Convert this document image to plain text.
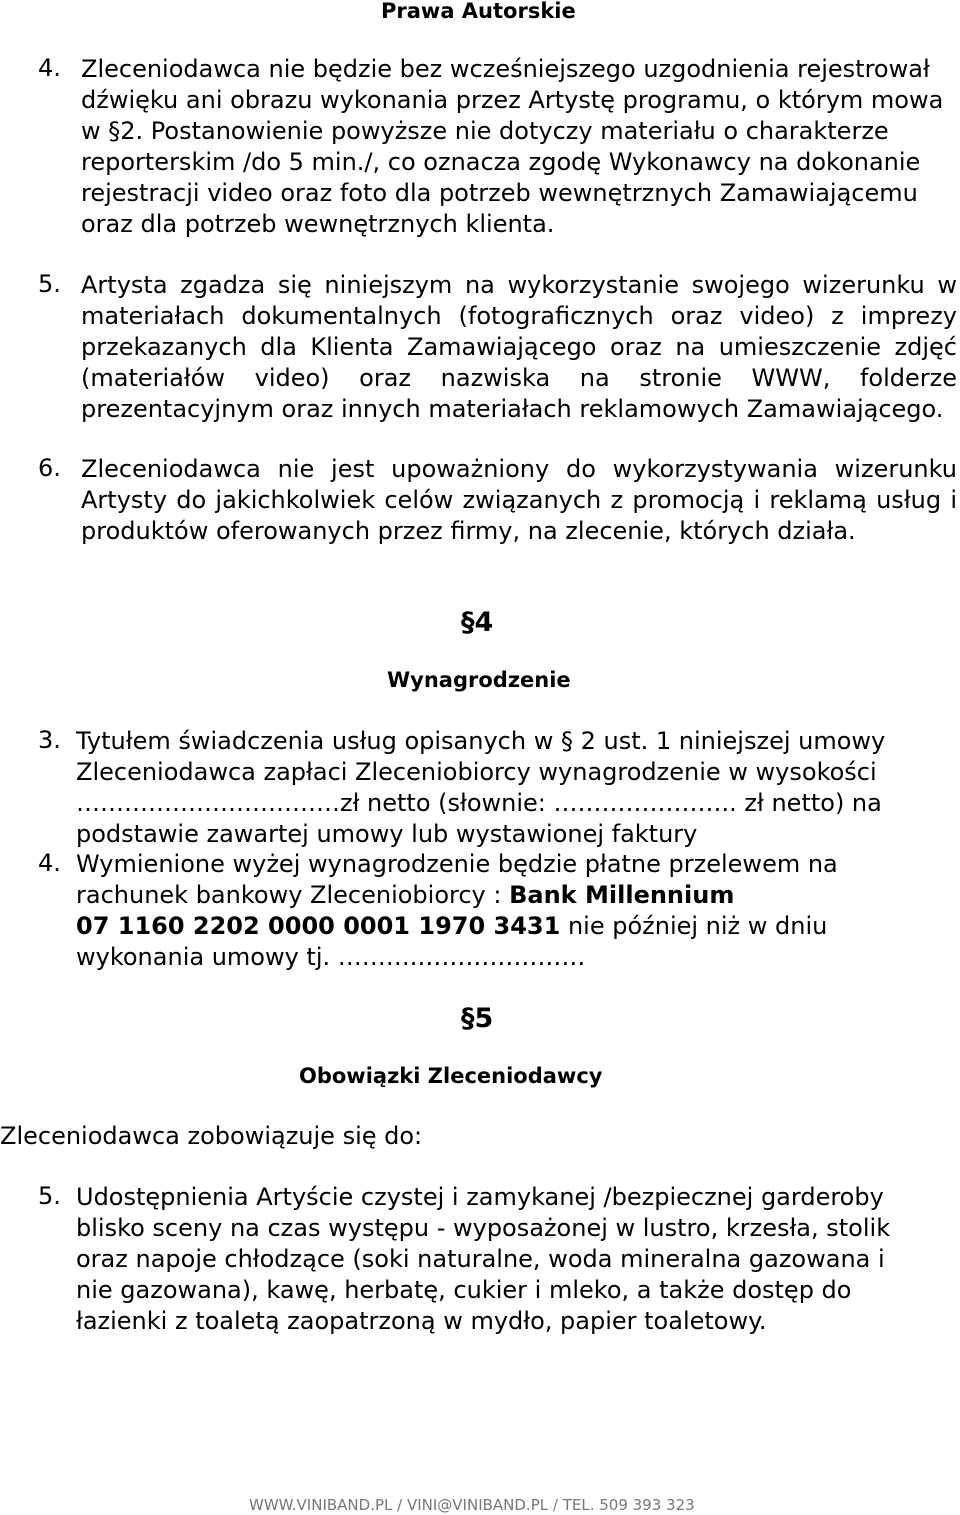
Prawa Autorskie
4. Zleceniodawca nie będzie bez wcześniejszego uzgodnienia rejestrował dźwięku ani obrazu wykonania przez Artystę programu, o którym mowa w §2. Postanowienie powyższe nie dotyczy materiału o charakterze reporterskim /do 5 min./, co oznacza zgodę Wykonawcy na dokonanie rejestracji video oraz foto dla potrzeb wewnętrznych Zamawiającemu oraz dla potrzeb wewnętrznych klienta.
5. Artysta zgadza się niniejszym na wykorzystanie swojego wizerunku w materiałach dokumentalnych (fotograficznych oraz video) z imprezy przekazanych dla Klienta Zamawiającego oraz na umieszczenie zdjęć (materiałów video) oraz nazwiska na stronie WWW, folderze prezentacyjnym oraz innych materiałach reklamowych Zamawiającego.
6. Zleceniodawca nie jest upoważniony do wykorzystywania wizerunku Artysty do jakichkolwiek celów związanych z promocją i reklamą usług i produktów oferowanych przez firmy, na zlecenie, których działa.
§4
Wynagrodzenie
3. Tytułem świadczenia usług opisanych w § 2 ust. 1 niniejszej umowy
Zleceniodawca zapłaci Zleceniobiorcy wynagrodzenie w wysokości
……………………………zł netto (słownie: ………………….. zł netto) na
podstawie zawartej umowy lub wystawionej faktury
4. Wymienione wyżej wynagrodzenie będzie płatne przelewem na
rachunek bankowy Zleceniobiorcy : Bank Millennium
07 1160 2202 0000 0001 1970 3431 nie później niż w dniu
wykonania umowy tj. ……….…………………
§5
Obowiązki Zleceniodawcy
Zleceniodawca zobowiązuje się do:
5. Udostępnienia Artyście czystej i zamykanej /bezpiecznej garderoby
blisko sceny na czas występu - wyposażonej w lustro, krzesła, stolik
oraz napoje chłodzące (soki naturalne, woda mineralna gazowana i
nie gazowana), kawę, herbatę, cukier i mleko, a także dostęp do
łazienki z toaletą zaopatrzoną w mydło, papier toaletowy.
WWW.VINIBAND.PL / VINI@VINIBAND.PL / TEL. 509 393 323
